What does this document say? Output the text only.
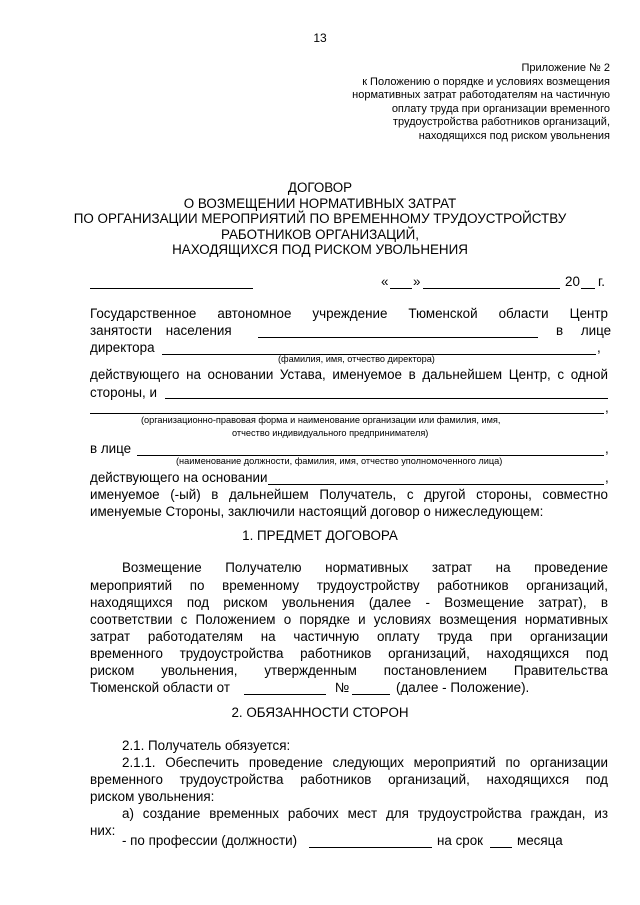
13
Приложение № 2
к Положению о порядке и условиях возмещения
нормативных затрат работодателям на частичную
оплату труда при организации временного
трудоустройства работников организаций,
находящихся под риском увольнения
ДОГОВОР
О ВОЗМЕЩЕНИИ НОРМАТИВНЫХ ЗАТРАТ
ПО ОРГАНИЗАЦИИ МЕРОПРИЯТИЙ ПО ВРЕМЕННОМУ ТРУДОУСТРОЙСТВУ
РАБОТНИКОВ ОРГАНИЗАЦИЙ,
НАХОДЯЩИХСЯ ПОД РИСКОМ УВОЛЬНЕНИЯ
« »	20 г.
Государственное автономное учреждение Тюменской области Центр
занятости населения	в лице
директора	,
(фамилия, имя, отчество директора)
действующего на основании Устава, именуемое в дальнейшем Центр, с одной
стороны, и
,
(организационно-правовая форма и наименование организации или фамилия, имя,
отчество индивидуального предпринимателя)
в лице	,
(наименование должности, фамилия, имя, отчество уполномоченного лица)
действующего на основании	,
именуемое (-ый) в дальнейшем Получатель, с другой стороны, совместно
именуемые Стороны, заключили настоящий договор о нижеследующем:
1. ПРЕДМЕТ ДОГОВОРА
Возмещение Получателю нормативных затрат на проведение
мероприятий по временному трудоустройству работников организаций,
находящихся под риском увольнения (далее - Возмещение затрат), в
соответствии с Положением о порядке и условиях возмещения нормативных
затрат работодателям на частичную оплату труда при организации
временного трудоустройства работников организаций, находящихся под
риском увольнения, утвержденным постановлением Правительства
Тюменской области от	№	(далее - Положение).
2. ОБЯЗАННОСТИ СТОРОН
2.1. Получатель обязуется:
2.1.1. Обеспечить проведение следующих мероприятий по организации
временного трудоустройства работников организаций, находящихся под
риском увольнения:
а) создание временных рабочих мест для трудоустройства граждан, из
них:
- по профессии (должности)	на срок	месяца
